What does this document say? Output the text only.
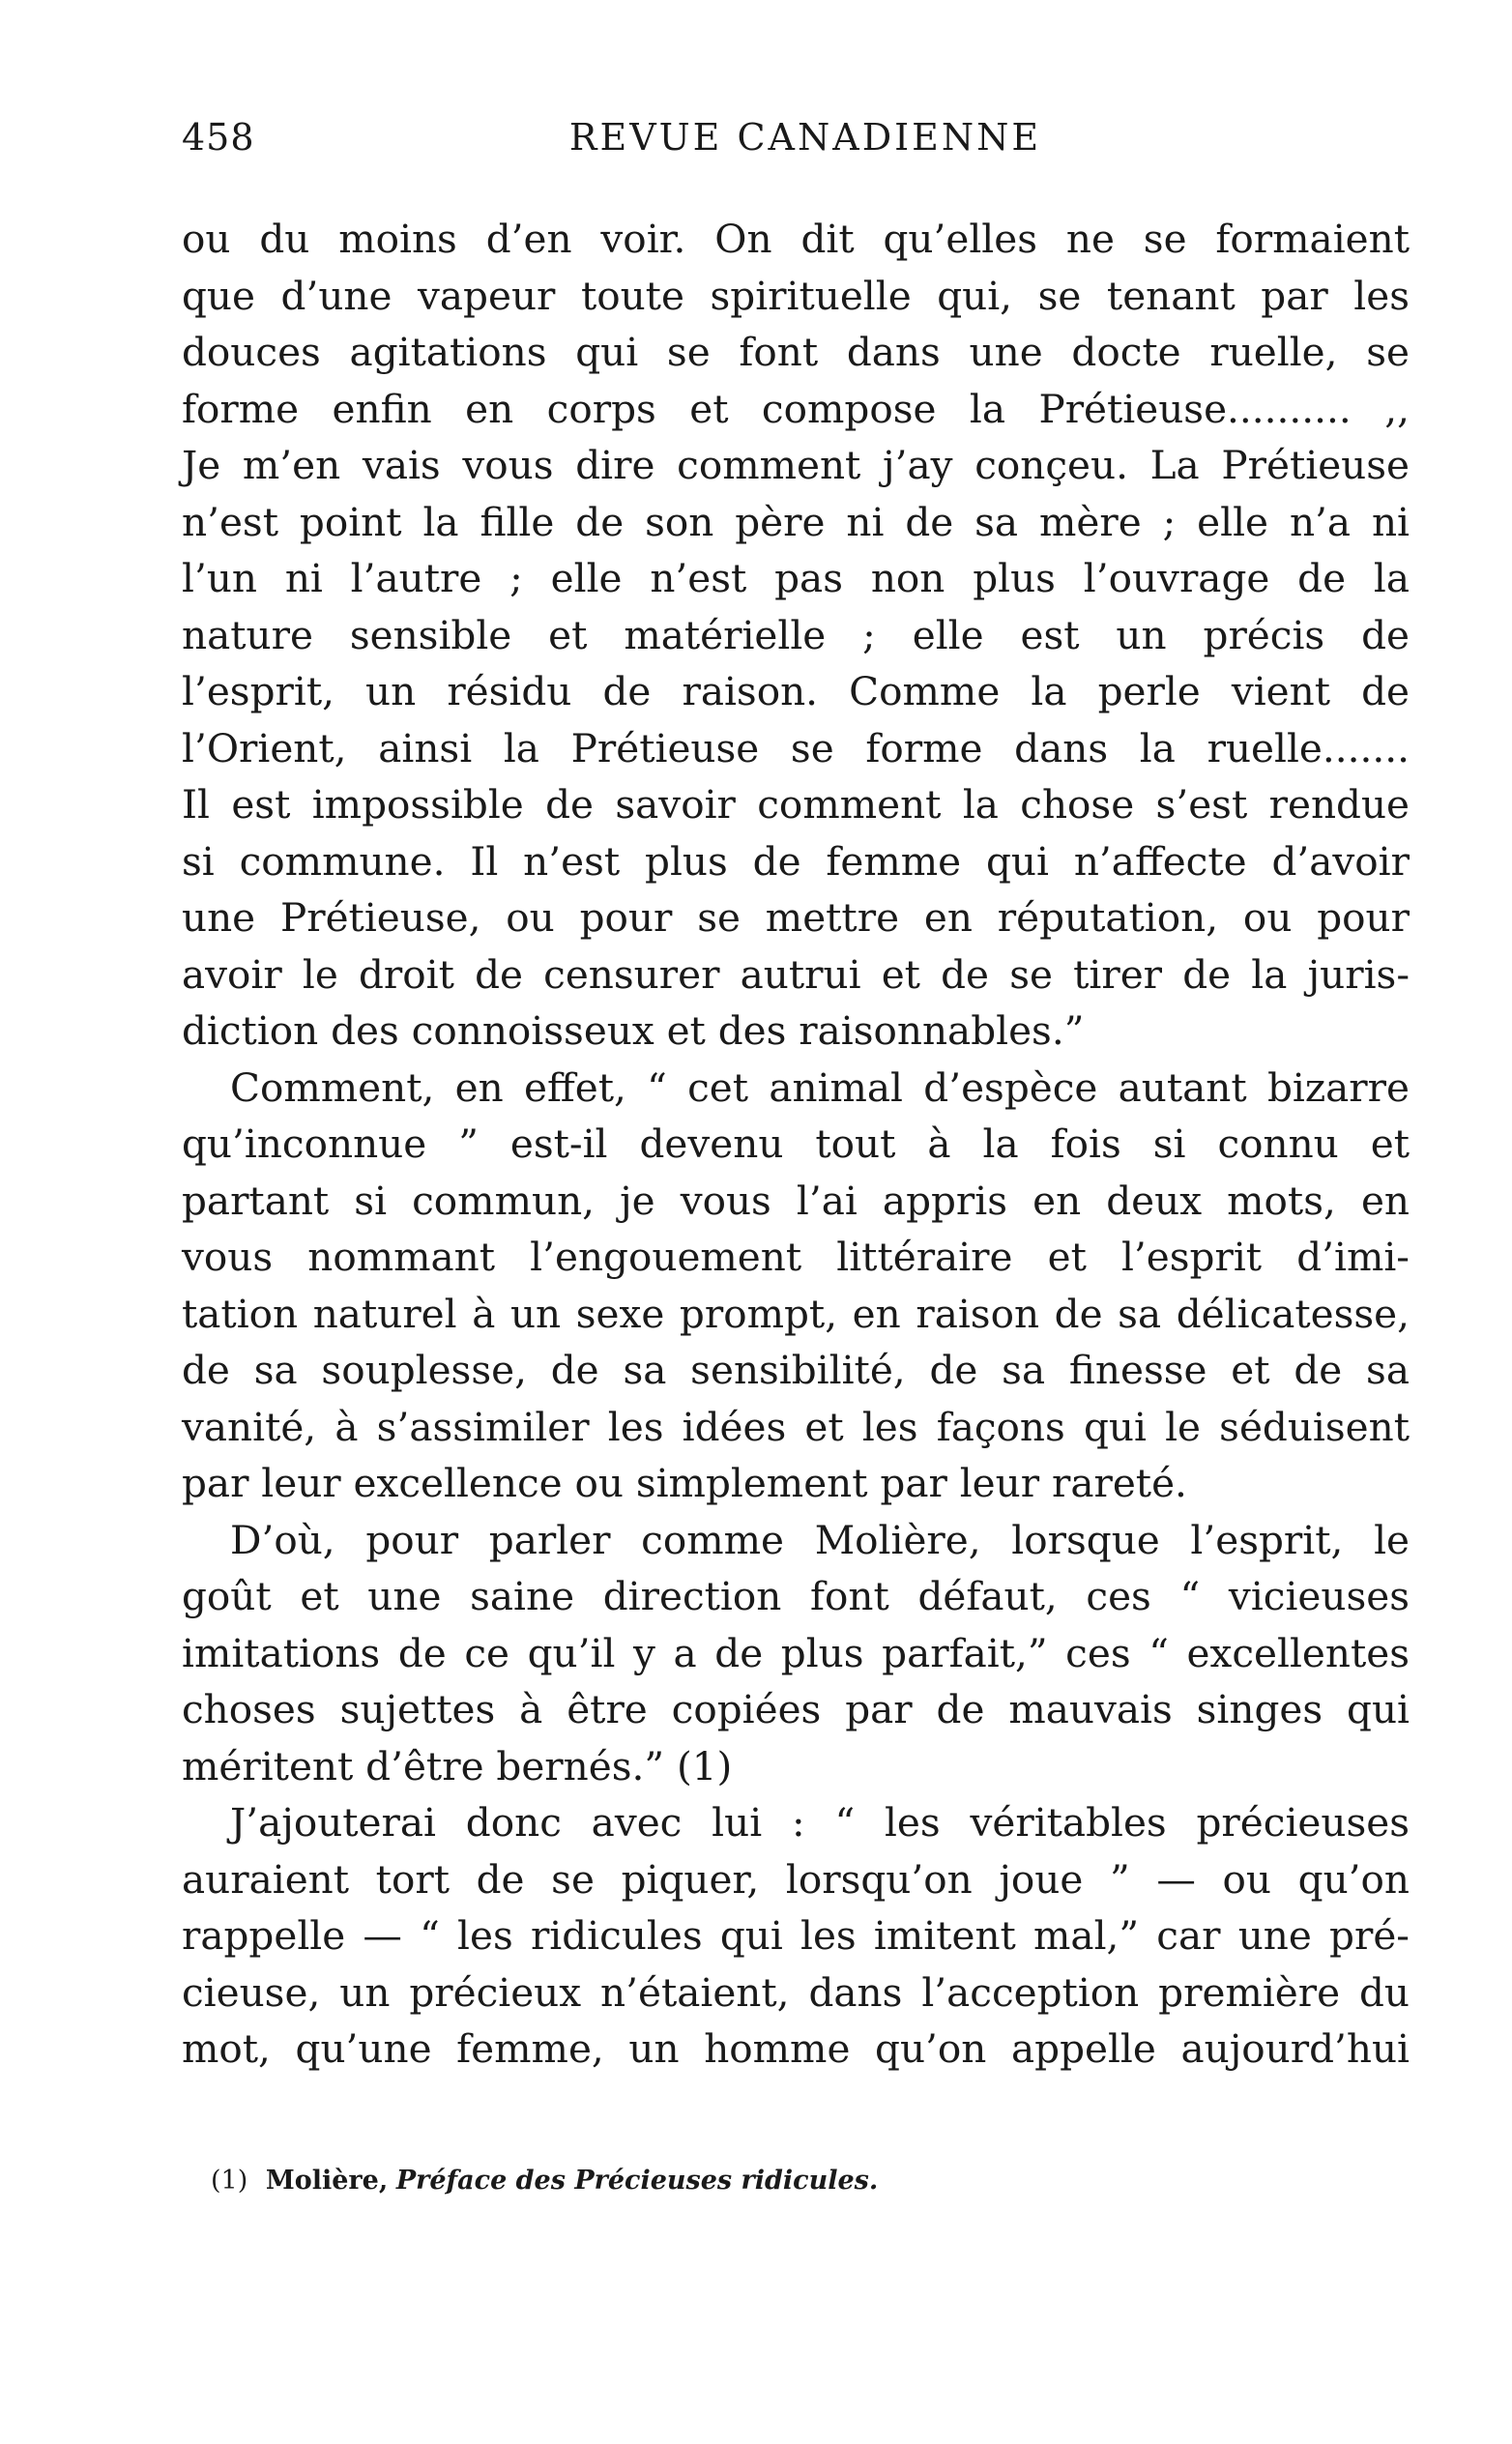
458	REVUE CANADIENNE
ou du moins d’en voir. On dit qu’elles ne se formaient
que d’une vapeur toute spirituelle qui, se tenant par les
douces agitations qui se font dans une docte ruelle, se
forme enfin en corps et compose la Prétieuse.......... ,,
Je m’en vais vous dire comment j’ay conçeu. La Prétieuse
n’est point la fille de son père ni de sa mère ; elle n’a ni
l’un ni l’autre ; elle n’est pas non plus l’ouvrage de la
nature sensible et matérielle ; elle est un précis de
l’esprit, un résidu de raison. Comme la perle vient de
l’Orient, ainsi la Prétieuse se forme dans la ruelle.......
Il est impossible de savoir comment la chose s’est rendue
si commune. Il n’est plus de femme qui n’affecte d’avoir
une Prétieuse, ou pour se mettre en réputation, ou pour
avoir le droit de censurer autrui et de se tirer de la juris-
diction des connoisseux et des raisonnables.”
Comment, en effet, “ cet animal d’espèce autant bizarre
qu’inconnue ” est-il devenu tout à la fois si connu et
partant si commun, je vous l’ai appris en deux mots, en
vous nommant l’engouement littéraire et l’esprit d’imi-
tation naturel à un sexe prompt, en raison de sa délicatesse,
de sa souplesse, de sa sensibilité, de sa finesse et de sa
vanité, à s’assimiler les idées et les façons qui le séduisent
par leur excellence ou simplement par leur rareté.
D’où, pour parler comme Molière, lorsque l’esprit, le
goût et une saine direction font défaut, ces “ vicieuses
imitations de ce qu’il y a de plus parfait,” ces “ excellentes
choses sujettes à être copiées par de mauvais singes qui
méritent d’être bernés.” (1)
J’ajouterai donc avec lui : “ les véritables précieuses
auraient tort de se piquer, lorsqu’on joue ” — ou qu’on
rappelle — “ les ridicules qui les imitent mal,” car une pré-
cieuse, un précieux n’étaient, dans l’acception première du
mot, qu’une femme, un homme qu’on appelle aujourd’hui
(1) Molière, Préface des Précieuses ridicules.
